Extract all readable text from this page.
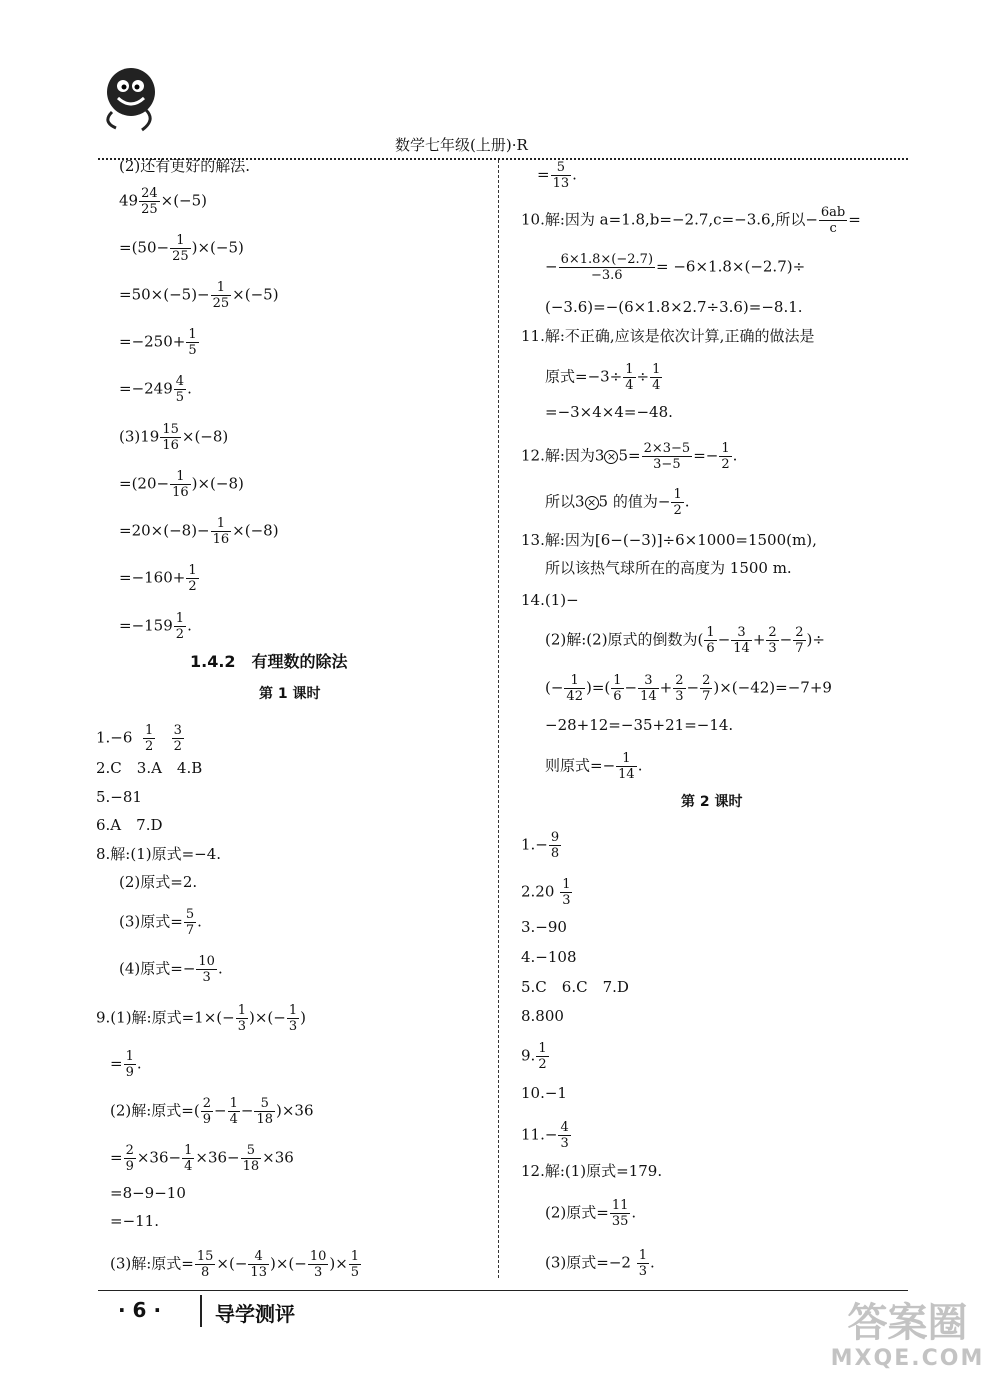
数学七年级(上册)·R
(2)还有更好的解法.
$49 \frac{24}{25} \times(-5)$
$=(50- \frac{1}{25} )\times(-5)$
$=50\times(-5)- \frac{1}{25} \times(-5)$
$=-250+ \frac{1}{5}$
$=-249 \frac{4}{5}$ .
$(3)19 \frac{15}{16} \times(-8)$
$=(20- \frac{1}{16} )\times(-8)$
$=20\times(-8)- \frac{1}{16} \times(-8)$
$=-160+ \frac{1}{2}$
$=-159 \frac{1}{2}$ .
1.4.2　有理数的除法
第 1 课时
$1.-6 \frac{1}{2}$
$\frac{3}{2}$
2.C　3.A　4.B
5.−81
6.A　7.D
8.解:(1)原式=−4.
(2)原式=2.
(3)原式= $\frac{5}{7}$ .
(4)原式=− $\frac{10}{3}$ .
9.(1)解:原式$=1\times(- \frac{1}{3}$ )×(− $\frac{1}{3}$ )
= $\frac{1}{9}$ .
(2)解:原式=( $\frac{2}{9} - \frac{1}{4} - \frac{5}{18} )\times 36$
= $\frac{2}{9} \times 36- \frac{1}{4} \times 36- \frac{5}{18} \times 36$
=8−9−10
=−11.
(3)解:原式= $\frac{15}{8}$ ×(− $\frac{4}{13}$ )×(− $\frac{10}{3}$ )× $\frac{1}{5}$
= $\frac{5}{13}$ .
10.解:因为 a=1.8,b=−2.7,c=−3.6,所以− $\frac{6ab}{c}$ =
− $\frac{6\times 1.8\times(-2.7)}{-3.6} = -6\times 1.8\times(-2.7)\div$
(−3.6)=−(6×1.8×2.7÷3.6)=−8.1.
11.解:不正确,应该是依次计算,正确的做法是
原式$=-3\div \frac{1}{4} \div \frac{1}{4}$
=−3×4×4=−48.
12.解:因为$3 \times 5= \frac{2\times 3-5}{3-5} =- \frac{1}{2}$ .
所以3 × 5 的值为− $\frac{1}{2}$ .
13.解:因为[6−(−3)]÷6×1000=1500(m),
所以该热气球所在的高度为 1500 m.
14.(1)−
(2)解:(2)原式的倒数为( $\frac{1}{6} - \frac{3}{14} + \frac{2}{3} - \frac{2}{7}$ )÷
(− $\frac{1}{42}$ )=( $\frac{1}{6} - \frac{3}{14} + \frac{2}{3} - \frac{2}{7} )\times(-42)=-7+9$
−28+12=−35+21=−14.
则原式=− $\frac{1}{14}$ .
第 2 课时
$1.- \frac{9}{8}$
$2.20 \frac{1}{3}$
3.−90
4.−108
5.C　6.C　7.D
8.800
9. $\frac{1}{2}$
10.−1
$11.- \frac{4}{3}$
12.解:(1)原式=179.
(2)原式= $\frac{11}{35}$ .
(3)原式$=-2 \frac{1}{3}$ .
· 6 ·	导学测评	答案圈
MXQE.COM
